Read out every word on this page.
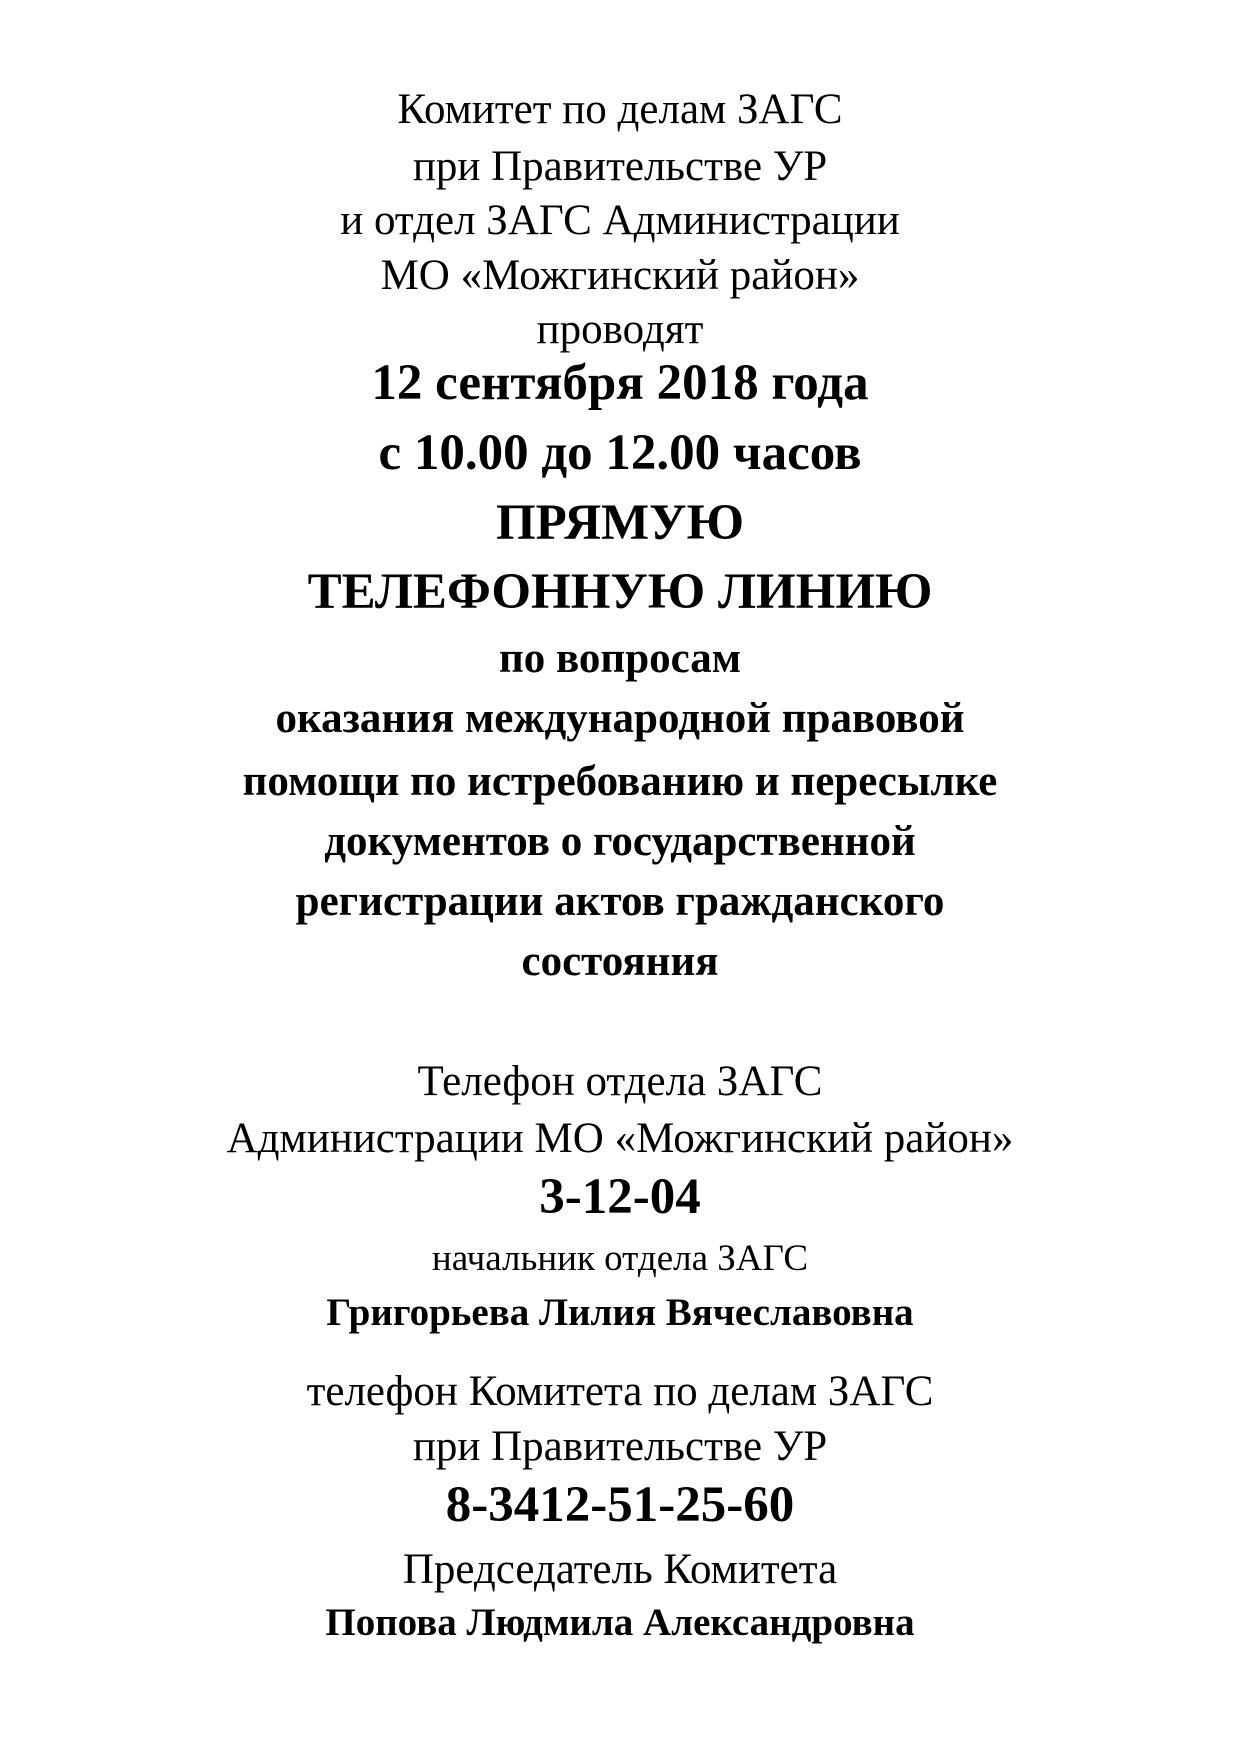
Комитет по делам ЗАГС
при Правительстве УР
и отдел ЗАГС Администрации
МО «Можгинский район»
проводят
12 сентября 2018 года
с 10.00 до 12.00 часов
ПРЯМУЮ
ТЕЛЕФОННУЮ ЛИНИЮ
по вопросам
оказания международной правовой
помощи по истребованию и пересылке
документов о государственной
регистрации актов гражданского
состояния
Телефон отдела ЗАГС
Администрации МО «Можгинский район»
3-12-04
начальник отдела ЗАГС
Григорьева Лилия Вячеславовна
телефон Комитета по делам ЗАГС
при Правительстве УР
8-3412-51-25-60
Председатель Комитета
Попова Людмила Александровна
